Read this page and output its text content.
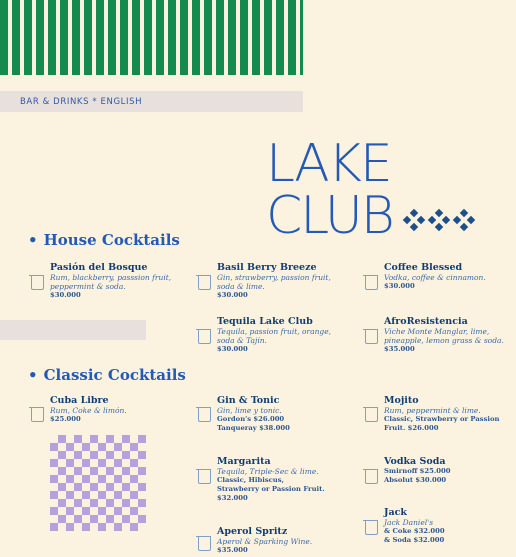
BAR & DRINKS * ENGLISH
LAKE CLUB
• House Cocktails
Pasión del Bosque
Rum, blackberry, passsion fruit,
peppermint & soda.
$30.000
Basil Berry Breeze
Gin, strawberry, passion fruit,
soda & lime.
$30.000
Coffee Blessed
Vodka, coffee & cinnamon.
$30.000
Tequila Lake Club
Tequila, passion fruit, orange,
soda & Tajín.
$30.000
AfroResistencia
Viche Monte Manglar, lime,
pineapple, lemon grass & soda.
$35.000
• Classic Cocktails
Cuba Libre
Rum, Coke & limón.
$25.000
Gin & Tonic
Gin, lime y tonic.
Gordon's $26.000
Tanqueray $38.000
Mojito
Rum, peppermint & lime.
Classic, Strawberry or Passion
Fruit. $26.000
Margarita
Tequila, Triple-Sec & lime.
Classic, Hibiscus,
Strawberry or Passion Fruit.
$32.000
Vodka Soda
Smirnoff $25.000
Absolut $30.000
Jack
Jack Daniel's
& Coke $32.000
& Soda $32.000
Aperol Spritz
Aperol & Sparking Wine.
$35.000
